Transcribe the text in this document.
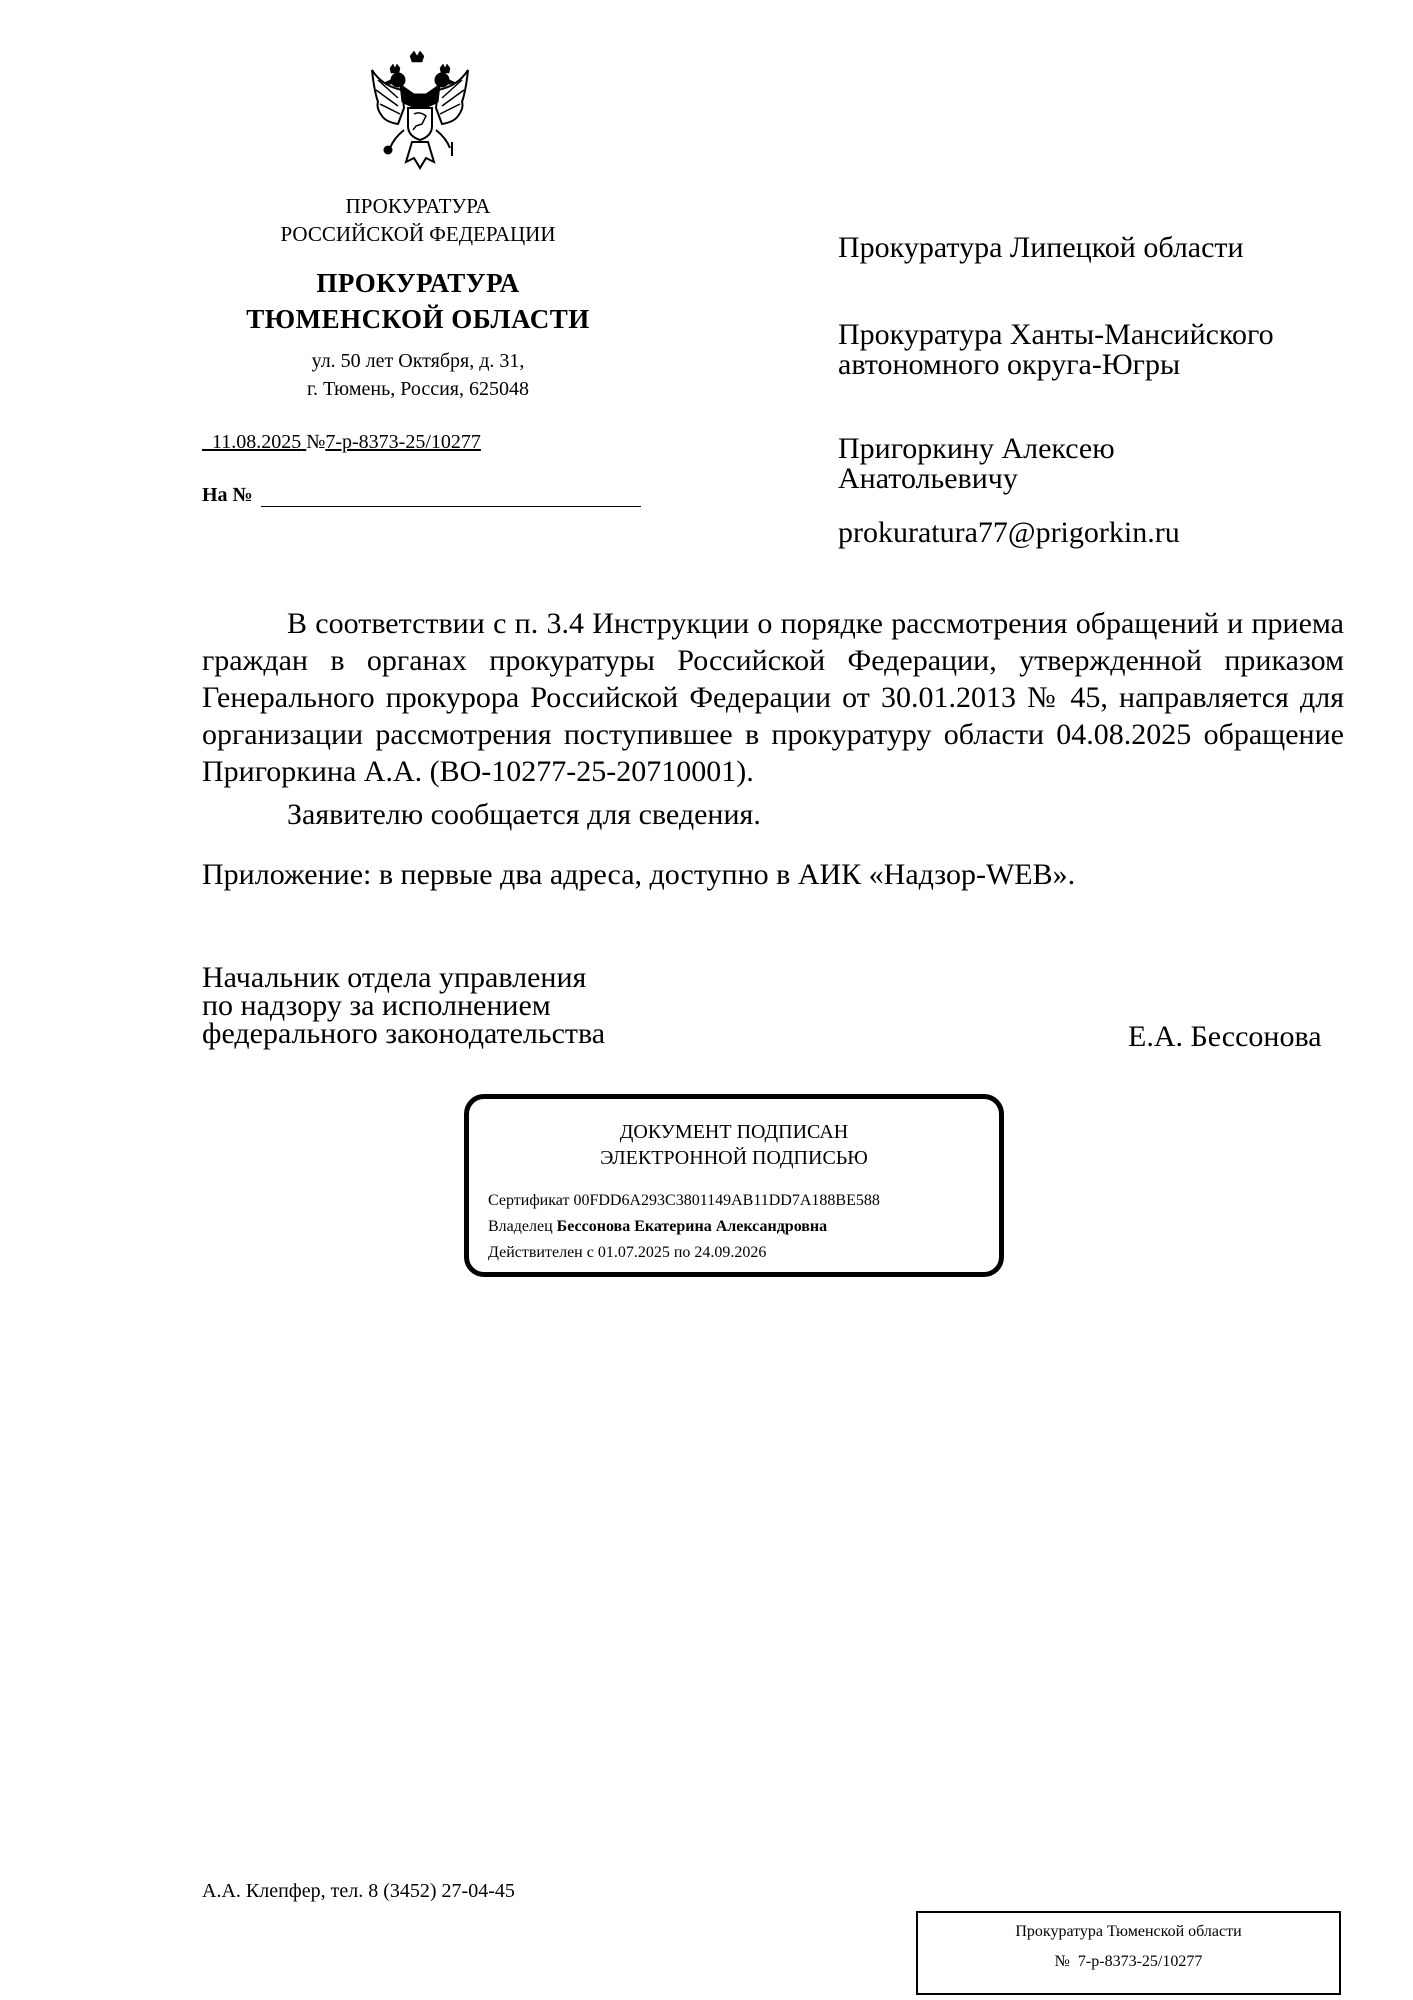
ПРОКУРАТУРА
РОССИЙСКОЙ ФЕДЕРАЦИИ
ПРОКУРАТУРА
ТЮМЕНСКОЙ ОБЛАСТИ
ул. 50 лет Октября, д. 31,
г. Тюмень, Россия, 625048
11.08.2025 №7-р-8373-25/10277
На №
Прокуратура Липецкой области
Прокуратура Ханты-Мансийского
автономного округа-Югры
Пригоркину Алексею
Анатольевичу
prokuratura77@prigorkin.ru

В соответствии с п. 3.4 Инструкции о порядке рассмотрения обращений и приема граждан в органах прокуратуры Российской Федерации, утвержденной приказом Генерального прокурора Российской Федерации от 30.01.2013 № 45, направляется для организации рассмотрения поступившее в прокуратуру области 04.08.2025 обращение Пригоркина А.А. (ВО-10277-25-20710001).

Заявителю сообщается для сведения.

Приложение: в первые два адреса, доступно в АИК «Надзор-WEB».

Начальник отдела управления
по надзору за исполнением
федерального законодательства	Е.А. Бессонова
ДОКУМЕНТ ПОДПИСАН
ЭЛЕКТРОННОЙ ПОДПИСЬЮ
Сертификат 00FDD6A293C3801149AB11DD7A188BE588
Владелец Бессонова Екатерина Александровна
Действителен с 01.07.2025 по 24.09.2026
А.А. Клепфер, тел. 8 (3452) 27-04-45
Прокуратура Тюменской области
№ 7-р-8373-25/10277
